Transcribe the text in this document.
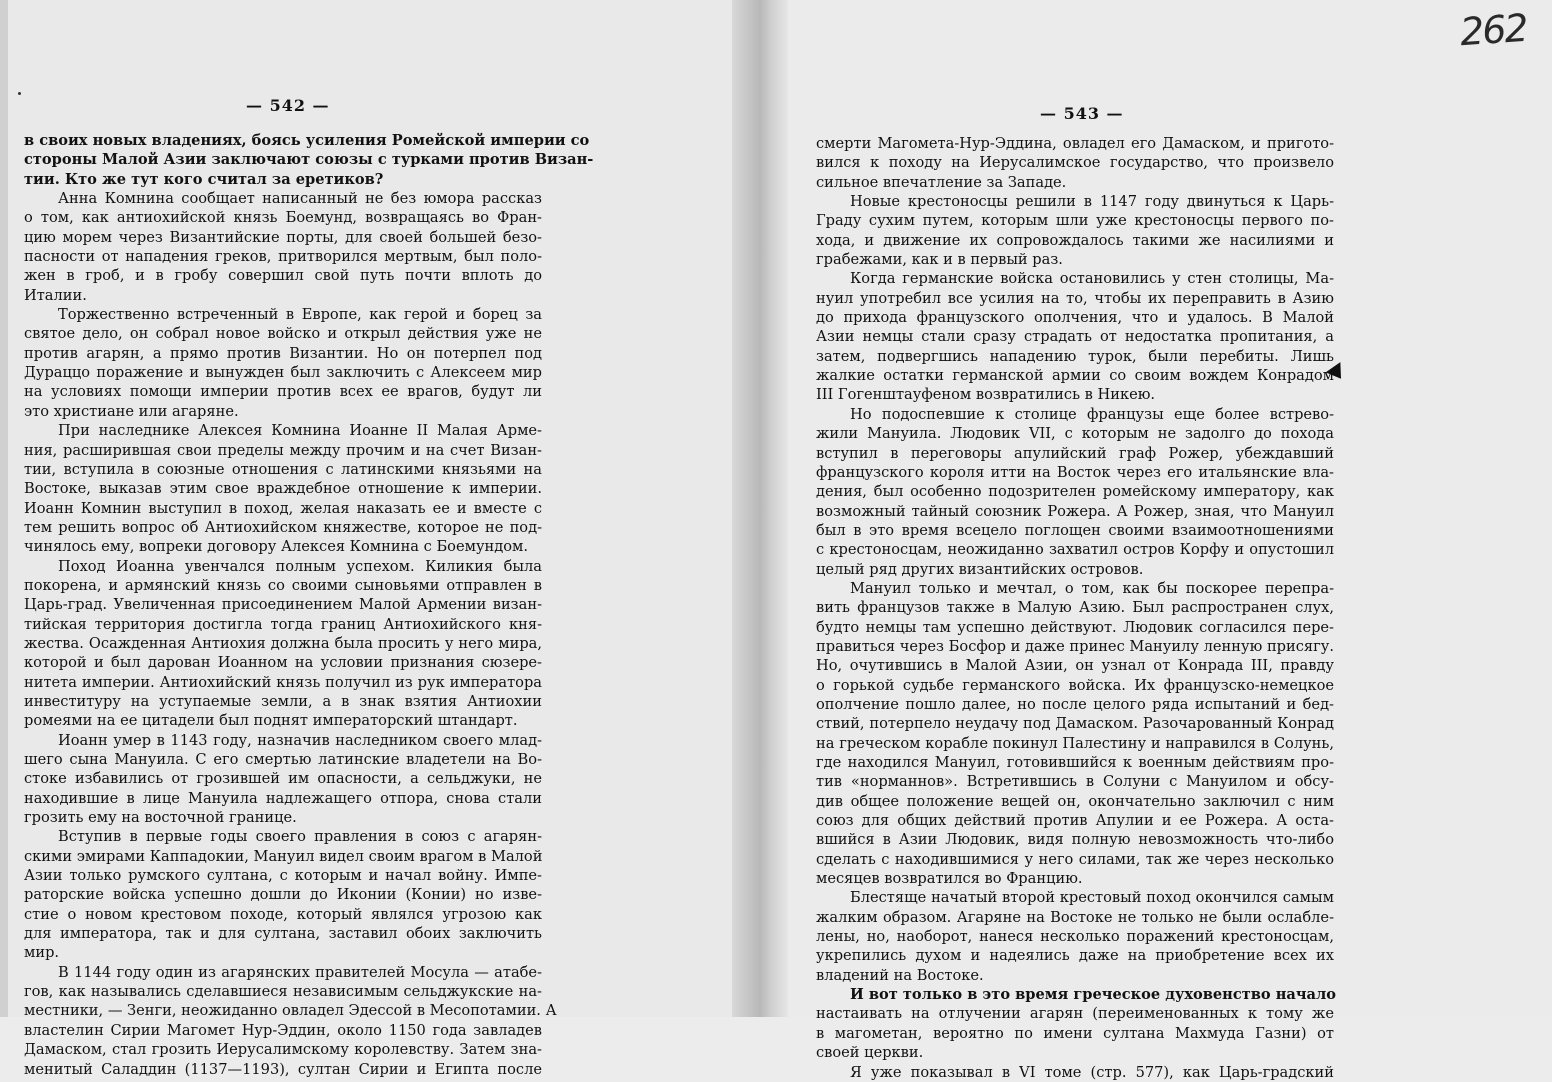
— 542 —
в своих новых владениях, боясь усиления Ромейской империи со
стороны Малой Азии заключают союзы с турками против Визан-
тии. Кто же тут кого считал за еретиков?
Анна Комнина сообщает написанный не без юмора рассказ
о том, как антиохийской князь Боемунд, возвращаясь во Фран-
цию морем через Византийские порты, для своей большей безо-
пасности от нападения греков, притворился мертвым, был поло-
жен в гроб, и в гробу совершил свой путь почти вплоть до
Италии.
Торжественно встреченный в Европе, как герой и борец за
святое дело, он собрал новое войско и открыл действия уже не
против агарян, а прямо против Византии. Но он потерпел под
Дураццо поражение и вынужден был заключить с Алексеем мир
на условиях помощи империи против всех ее врагов, будут ли
это христиане или агаряне.
При наследнике Алексея Комнина Иоанне II Малая Арме-
ния, расширившая свои пределы между прочим и на счет Визан-
тии, вступила в союзные отношения с латинскими князьями на
Востоке, выказав этим свое враждебное отношение к империи.
Иоанн Комнин выступил в поход, желая наказать ее и вместе с
тем решить вопрос об Антиохийском княжестве, которое не под-
чинялось ему, вопреки договору Алексея Комнина с Боемундом.
Поход Иоанна увенчался полным успехом. Киликия была
покорена, и армянский князь со своими сыновьями отправлен в
Царь-град. Увеличенная присоединением Малой Армении визан-
тийская территория достигла тогда границ Антиохийского кня-
жества. Осажденная Антиохия должна была просить у него мира,
которой и был дарован Иоанном на условии признания сюзере-
нитета империи. Антиохийский князь получил из рук императора
инвеституру на уступаемые земли, а в знак взятия Антиохии
ромеями на ее цитадели был поднят императорский штандарт.
Иоанн умер в 1143 году, назначив наследником своего млад-
шего сына Мануила. С его смертью латинские владетели на Во-
стоке избавились от грозившей им опасности, а сельджуки, не
находившие в лице Мануила надлежащего отпора, снова стали
грозить ему на восточной границе.
Вступив в первые годы своего правления в союз с агарян-
скими эмирами Каппадокии, Мануил видел своим врагом в Малой
Азии только румского султана, с которым и начал войну. Импе-
раторские войска успешно дошли до Иконии (Конии) но изве-
стие о новом крестовом походе, который являлся угрозою как
для императора, так и для султана, заставил обоих заключить
мир.
В 1144 году один из агарянских правителей Мосула — атабе-
гов, как назывались сделавшиеся независимым сельджукские на-
местники, — Зенги, неожиданно овладел Эдессой в Месопотамии. А
властелин Сирии Магомет Нур-Эддин, около 1150 года завладев
Дамаском, стал грозить Иерусалимскому королевству. Затем зна-
менитый Саладдин (1137—1193), султан Сирии и Египта после
— 543 —
смерти Магомета-Нур-Эддина, овладел его Дамаском, и пригото-
вился к походу на Иерусалимское государство, что произвело
сильное впечатление за Западе.
Новые крестоносцы решили в 1147 году двинуться к Царь-
Граду сухим путем, которым шли уже крестоносцы первого по-
хода, и движение их сопровождалось такими же насилиями и
грабежами, как и в первый раз.
Когда германские войска остановились у стен столицы, Ма-
нуил употребил все усилия на то, чтобы их переправить в Азию
до прихода французского ополчения, что и удалось. В Малой
Азии немцы стали сразу страдать от недостатка пропитания, а
затем, подвергшись нападению турок, были перебиты. Лишь
жалкие остатки германской армии со своим вождем Конрадом
III Гогенштауфеном возвратились в Никею.
Но подоспевшие к столице французы еще более встрево-
жили Мануила. Людовик VII, с которым не задолго до похода
вступил в переговоры апулийский граф Рожер, убеждавший
французского короля итти на Восток через его итальянские вла-
дения, был особенно подозрителен ромейскому императору, как
возможный тайный союзник Рожера. А Рожер, зная, что Мануил
был в это время всецело поглощен своими взаимоотношениями
с крестоносцам, неожиданно захватил остров Корфу и опустошил
целый ряд других византийских островов.
Мануил только и мечтал, о том, как бы поскорее перепра-
вить французов также в Малую Азию. Был распространен слух,
будто немцы там успешно действуют. Людовик согласился пере-
правиться через Босфор и даже принес Мануилу ленную присягу.
Но, очутившись в Малой Азии, он узнал от Конрада III, правду
о горькой судьбе германского войска. Их французско-немецкое
ополчение пошло далее, но после целого ряда испытаний и бед-
ствий, потерпело неудачу под Дамаском. Разочарованный Конрад
на греческом корабле покинул Палестину и направился в Солунь,
где находился Мануил, готовившийся к военным действиям про-
тив «норманнов». Встретившись в Солуни с Мануилом и обсу-
див общее положение вещей он, окончательно заключил с ним
союз для общих действий против Апулии и ее Рожера. А оста-
вшийся в Азии Людовик, видя полную невозможность что-либо
сделать с находившимися у него силами, так же через несколько
месяцев возвратился во Францию.
Блестяще начатый второй крестовый поход окончился самым
жалким образом. Агаряне на Востоке не только не были ослабле-
лены, но, наоборот, нанеся несколько поражений крестоносцам,
укрепились духом и надеялись даже на приобретение всех их
владений на Востоке.
И вот только в это время греческое духовенство начало
настаивать на отлучении агарян (переименованных к тому же
в магометан, вероятно по имени султана Махмуда Газни) от
своей церкви.
Я уже показывал в VI томе (стр. 577), как Царь-градский
262
